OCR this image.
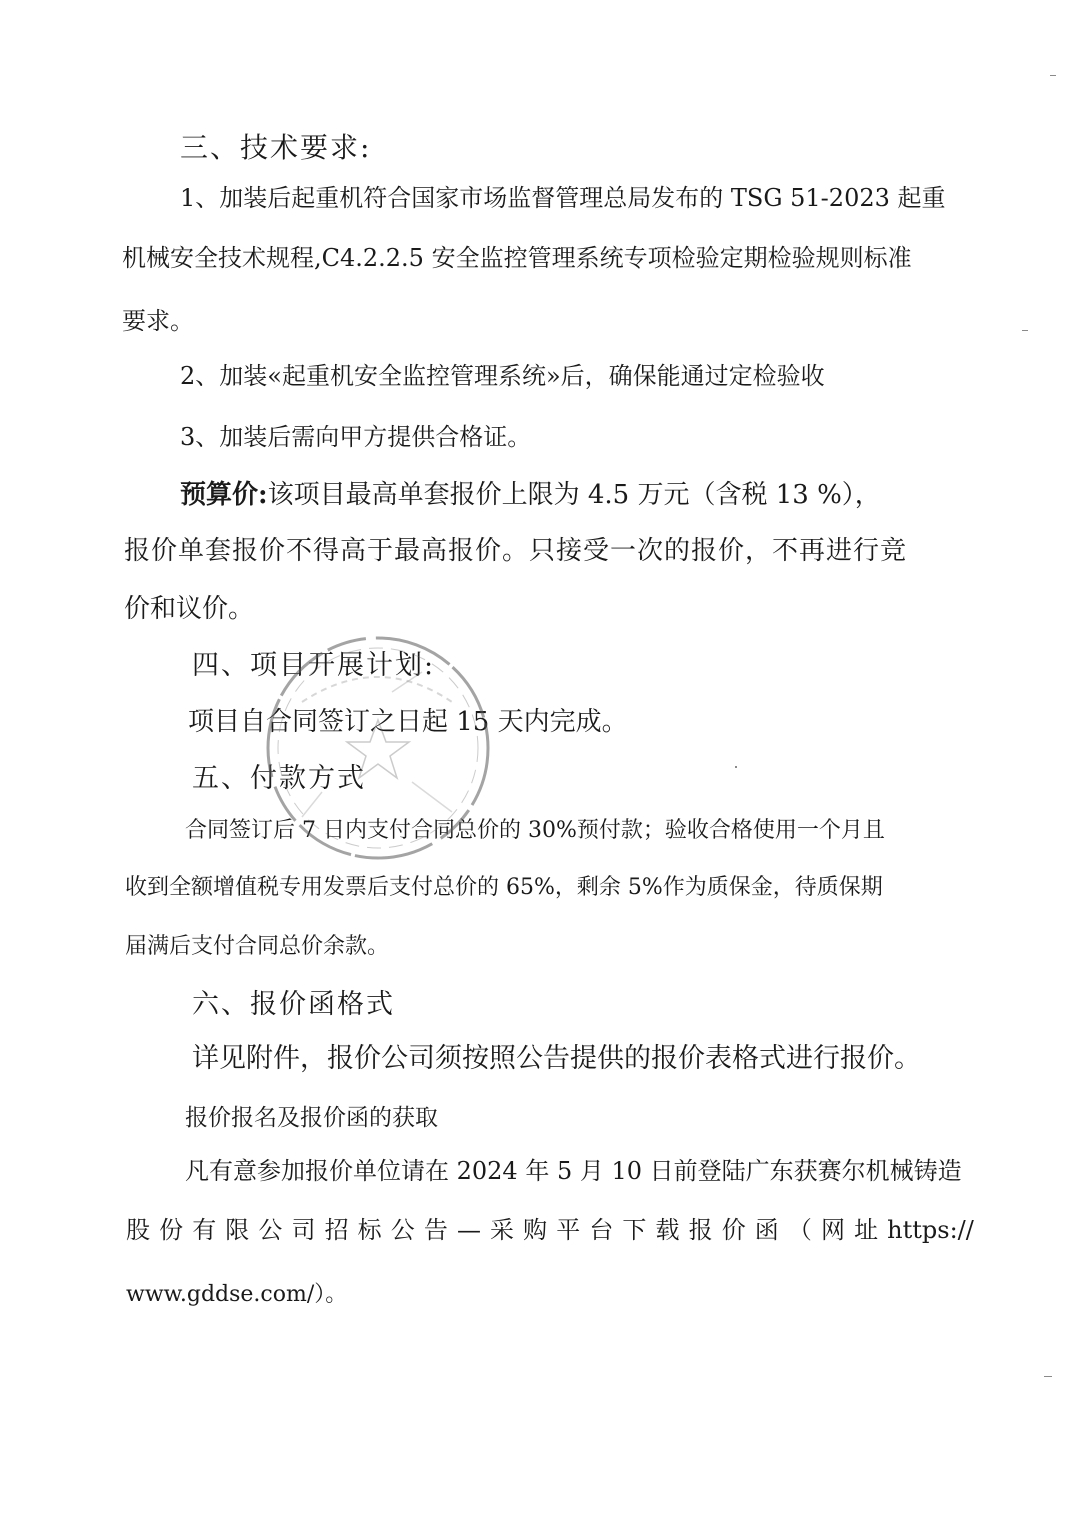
三、技术要求:
1、加装后起重机符合国家市场监督管理总局发布的 TSG 51-2023 起重
机械安全技术规程,C4.2.2.5 安全监控管理系统专项检验定期检验规则标准
要求。
2、加装«起重机安全监控管理系统»后，确保能通过定检验收
3、加装后需向甲方提供合格证。
预算价:该项目最高单套报价上限为 4.5 万元（含税 13 %），
报价单套报价不得高于最高报价。只接受一次的报价，不再进行竞
价和议价。
四、项目开展计划:
项目自合同签订之日起 15 天内完成。
五、付款方式
合同签订后 7 日内支付合同总价的 30%预付款；验收合格使用一个月且
收到全额增值税专用发票后支付总价的 65%，剩余 5%作为质保金，待质保期
届满后支付合同总价余款。
六、报价函格式
详见附件，报价公司须按照公告提供的报价表格式进行报价。
报价报名及报价函的获取
凡有意参加报价单位请在 2024 年 5 月 10 日前登陆广东获赛尔机械铸造
股 份 有 限 公 司 招 标 公 告 — 采 购 平 台 下 载 报 价 函 （ 网 址 https://
www.gddse.com/）。
